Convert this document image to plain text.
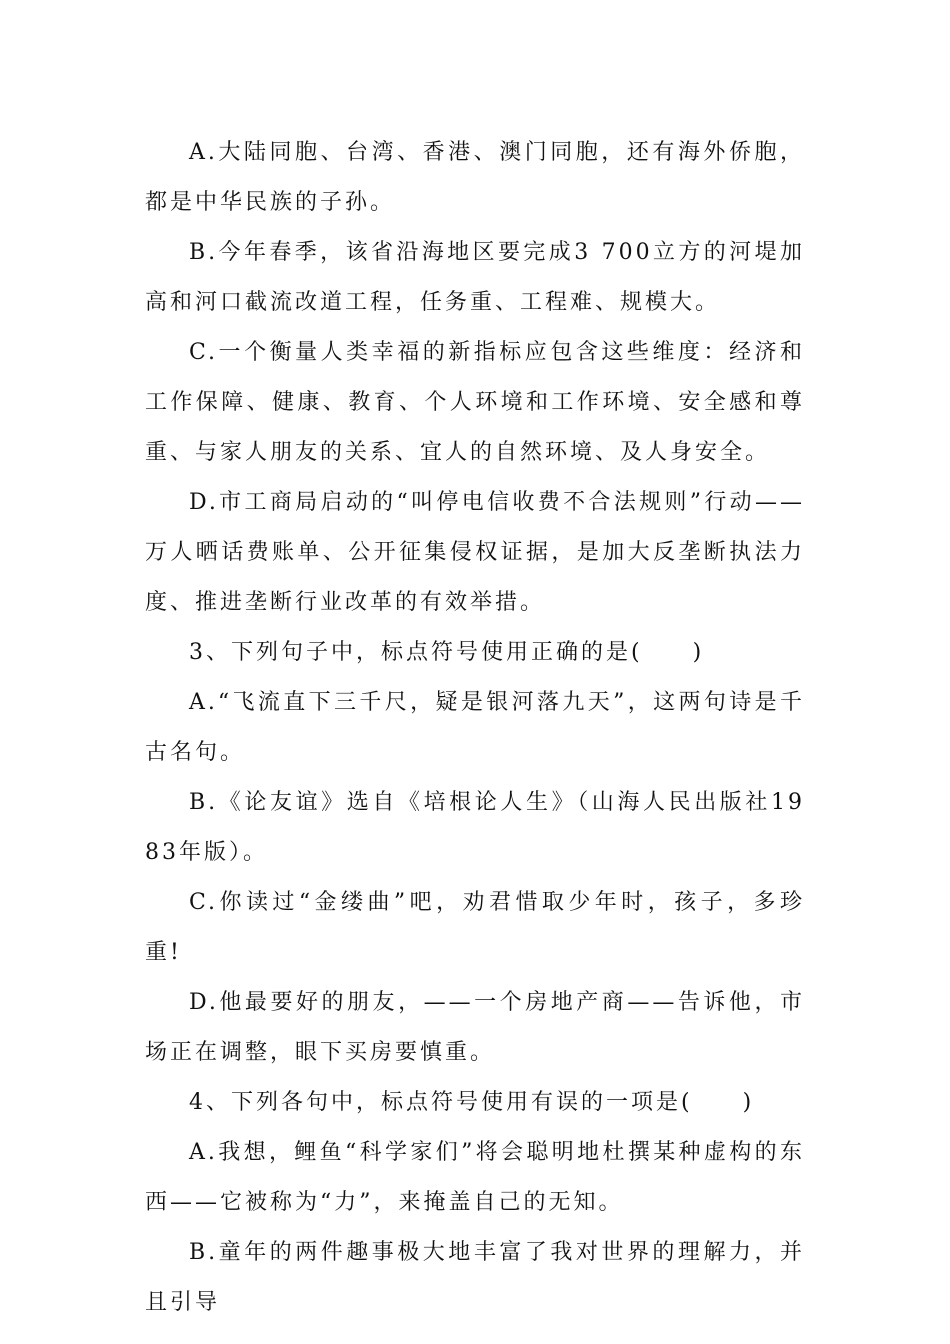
A.大陆同胞、台湾、香港、澳门同胞，还有海外侨胞，都是中华民族的子孙。

B.今年春季，该省沿海地区要完成3 700立方的河堤加高和河口截流改道工程，任务重、工程难、规模大。

C.一个衡量人类幸福的新指标应包含这些维度：经济和工作保障、健康、教育、个人环境和工作环境、安全感和尊重、与家人朋友的关系、宜人的自然环境、及人身安全。

D.市工商局启动的“叫停电信收费不合法规则”行动——万人晒话费账单、公开征集侵权证据，是加大反垄断执法力度、推进垄断行业改革的有效举措。

3、下列句子中，标点符号使用正确的是(　　)

A.“飞流直下三千尺，疑是银河落九天”，这两句诗是千古名句。

B.《论友谊》选自《培根论人生》（山海人民出版社1983年版）。

C.你读过“金缕曲”吧，劝君惜取少年时，孩子，多珍重!

D.他最要好的朋友，——一个房地产商——告诉他，市场正在调整，眼下买房要慎重。

4、下列各句中，标点符号使用有误的一项是(　　)

A.我想，鲤鱼“科学家们”将会聪明地杜撰某种虚构的东西——它被称为“力”，来掩盖自己的无知。

B.童年的两件趣事极大地丰富了我对世界的理解力，并且引导
